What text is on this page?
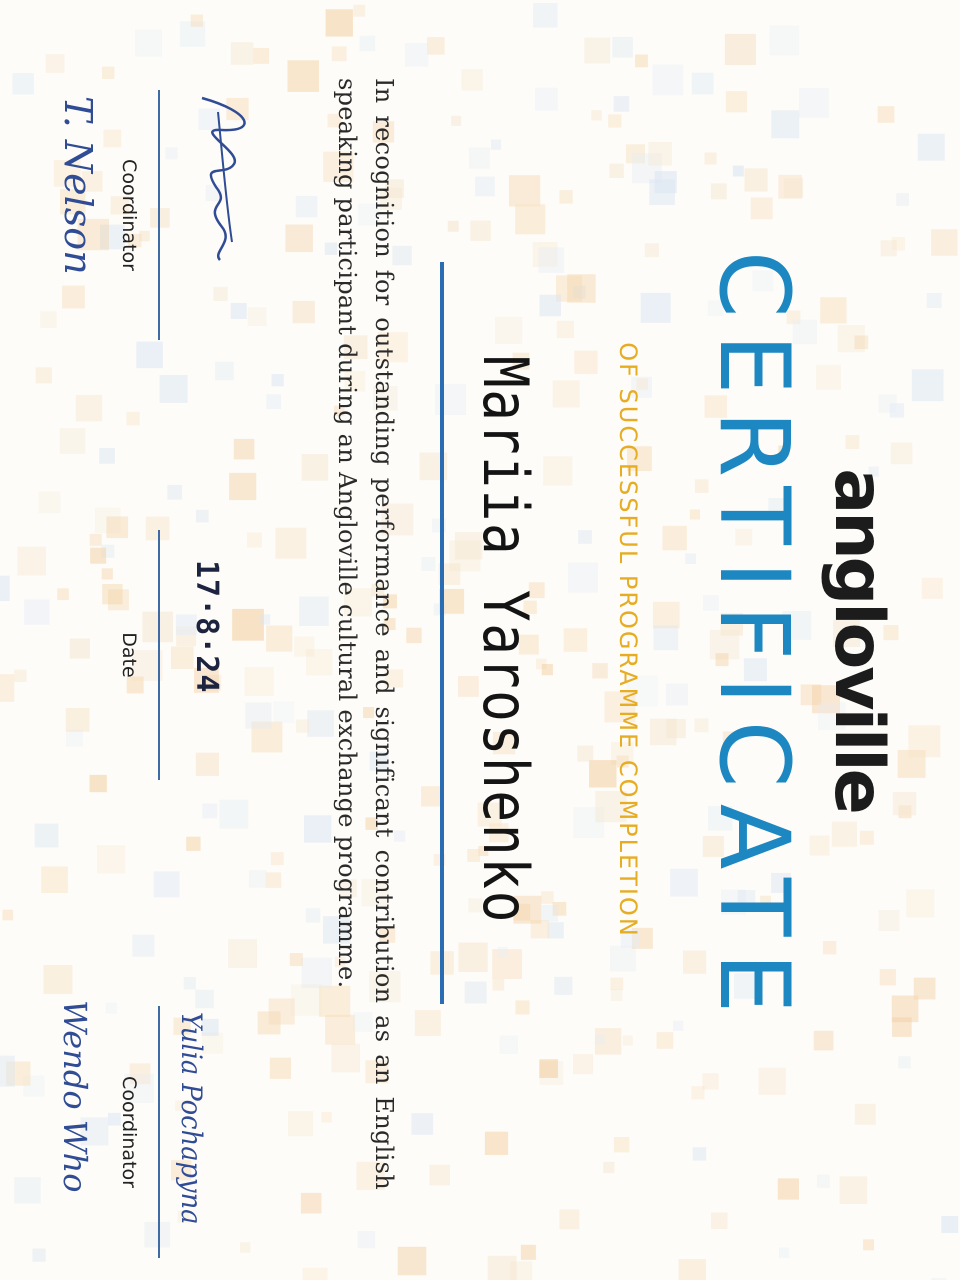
angloville
CERTIFICATE
OF SUCCESSFUL PROGRAMME COMPLETION
Mariia Yaroshenko
In recognition for outstanding performance and significant contribution as an English speaking participant during an Angloville cultural exchange programme.
T. Nelson Coordinator
17·8·24
Date
Yulia Pochapyna
Coordinator
Wendo Who
